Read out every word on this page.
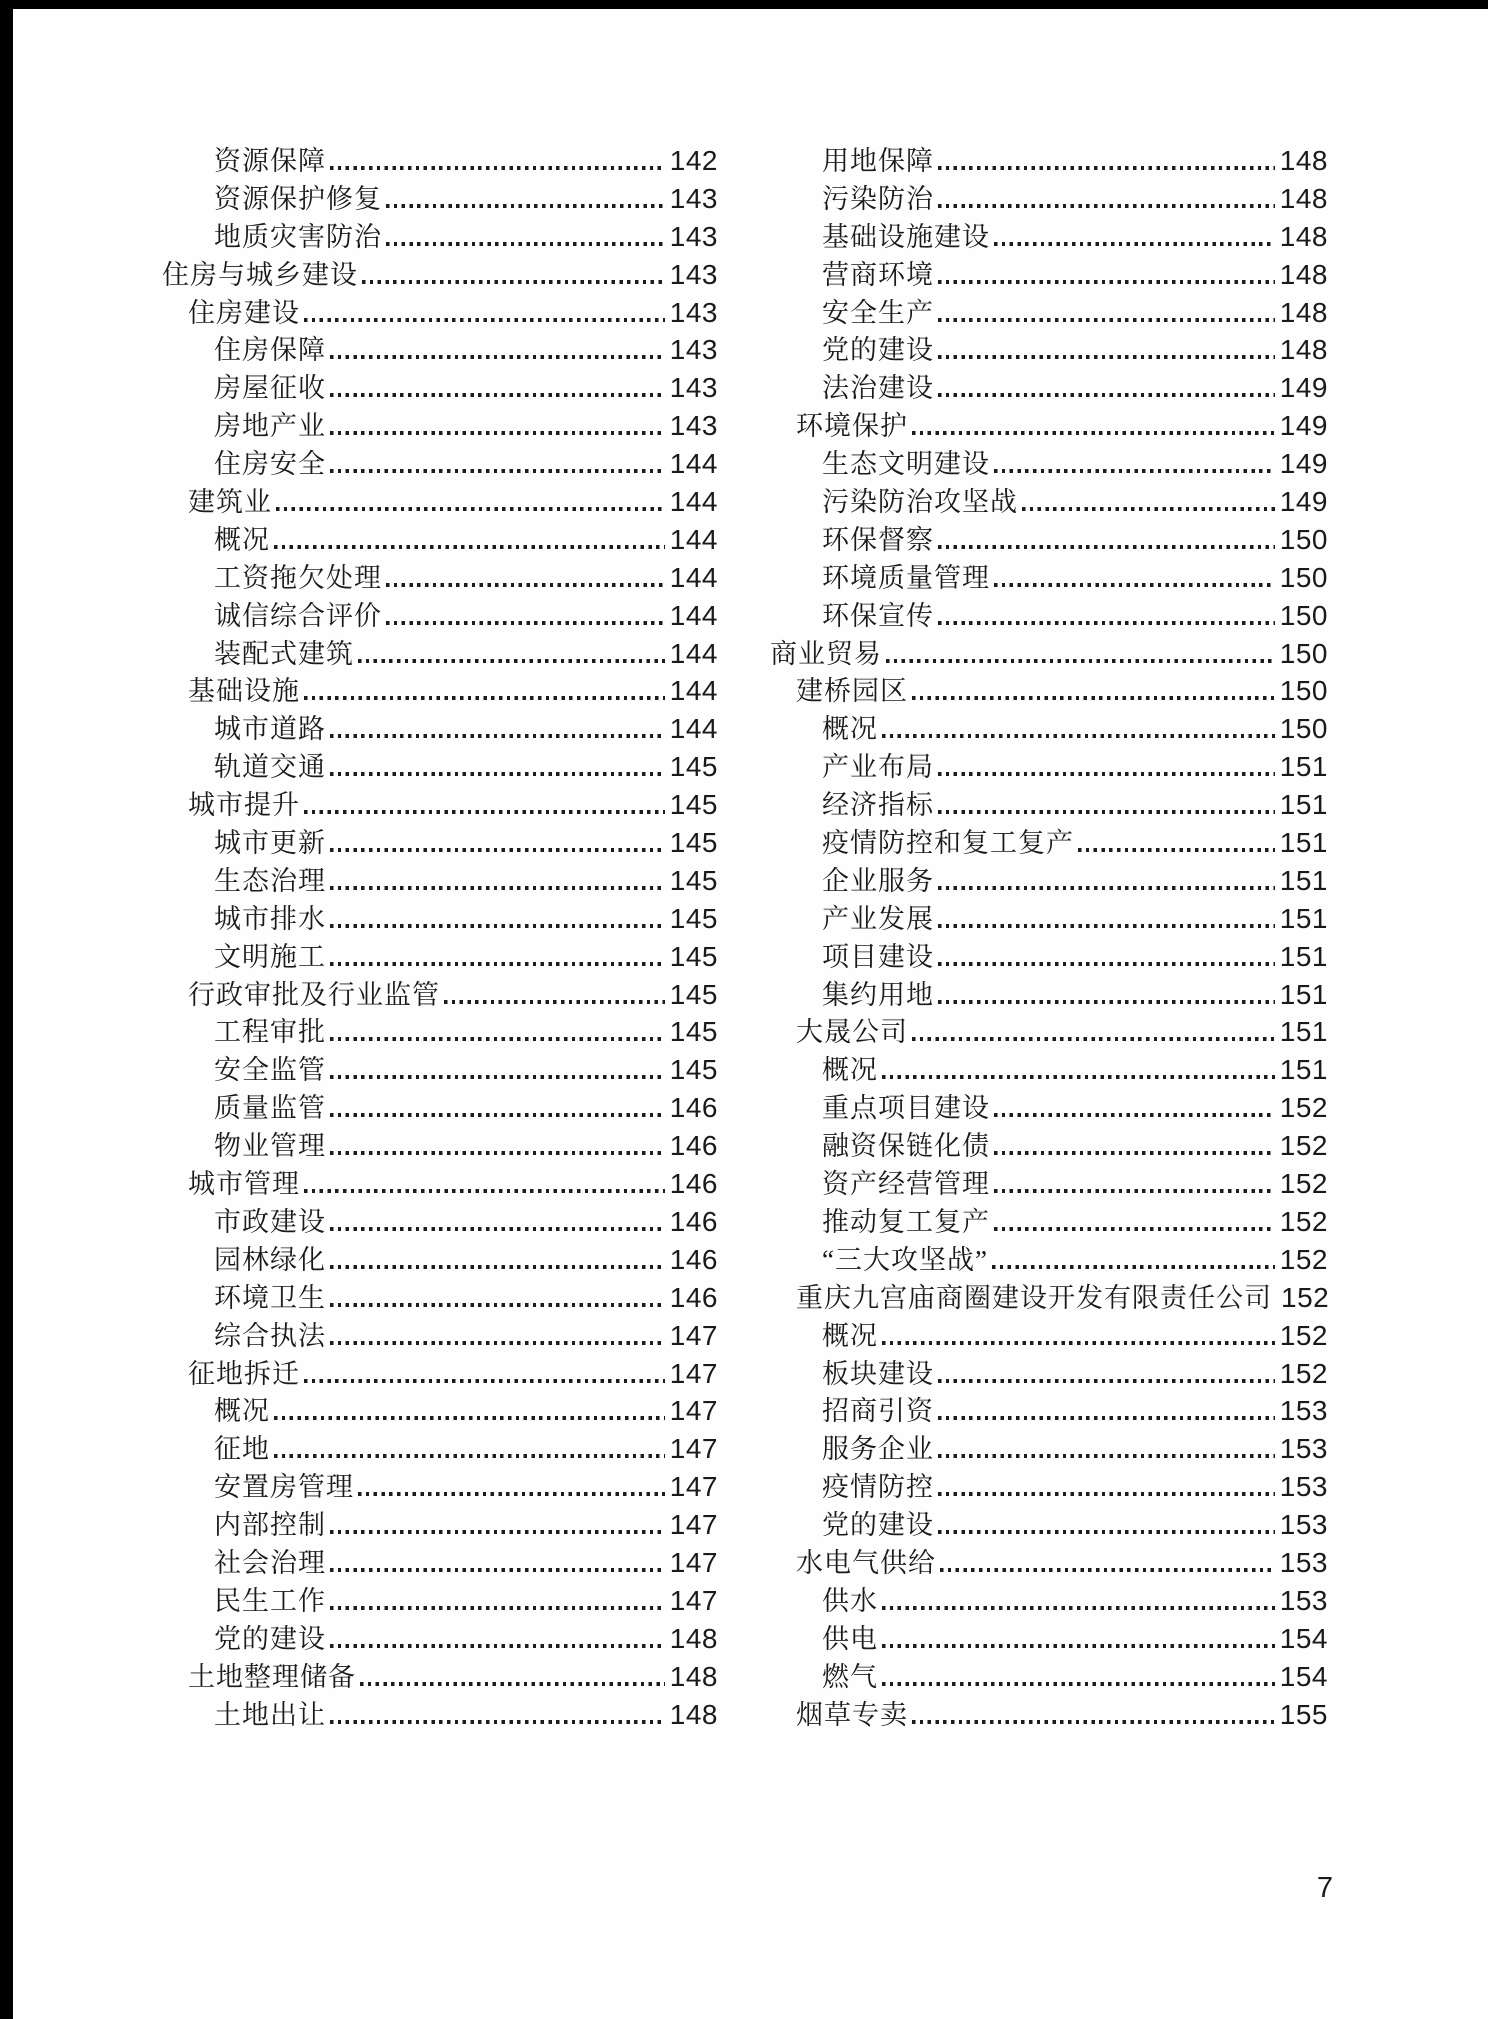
资源保障	142
资源保护修复	143
地质灾害防治	143
住房与城乡建设	143
住房建设	143
住房保障	143
房屋征收	143
房地产业	143
住房安全	144
建筑业	144
概况	144
工资拖欠处理	144
诚信综合评价	144
装配式建筑	144
基础设施	144
城市道路	144
轨道交通	145
城市提升	145
城市更新	145
生态治理	145
城市排水	145
文明施工	145
行政审批及行业监管	145
工程审批	145
安全监管	145
质量监管	146
物业管理	146
城市管理	146
市政建设	146
园林绿化	146
环境卫生	146
综合执法	147
征地拆迁	147
概况	147
征地	147
安置房管理	147
内部控制	147
社会治理	147
民生工作	147
党的建设	148
土地整理储备	148
土地出让	148
用地保障	148
污染防治	148
基础设施建设	148
营商环境	148
安全生产	148
党的建设	148
法治建设	149
环境保护	149
生态文明建设	149
污染防治攻坚战	149
环保督察	150
环境质量管理	150
环保宣传	150
商业贸易	150
建桥园区	150
概况	150
产业布局	151
经济指标	151
疫情防控和复工复产	151
企业服务	151
产业发展	151
项目建设	151
集约用地	151
大晟公司	151
概况	151
重点项目建设	152
融资保链化债	152
资产经营管理	152
推动复工复产	152
“三大攻坚战”	152
重庆九宫庙商圈建设开发有限责任公司 152
概况	152
板块建设	152
招商引资	153
服务企业	153
疫情防控	153
党的建设	153
水电气供给	153
供水	153
供电	154
燃气	154
烟草专卖	155
7
